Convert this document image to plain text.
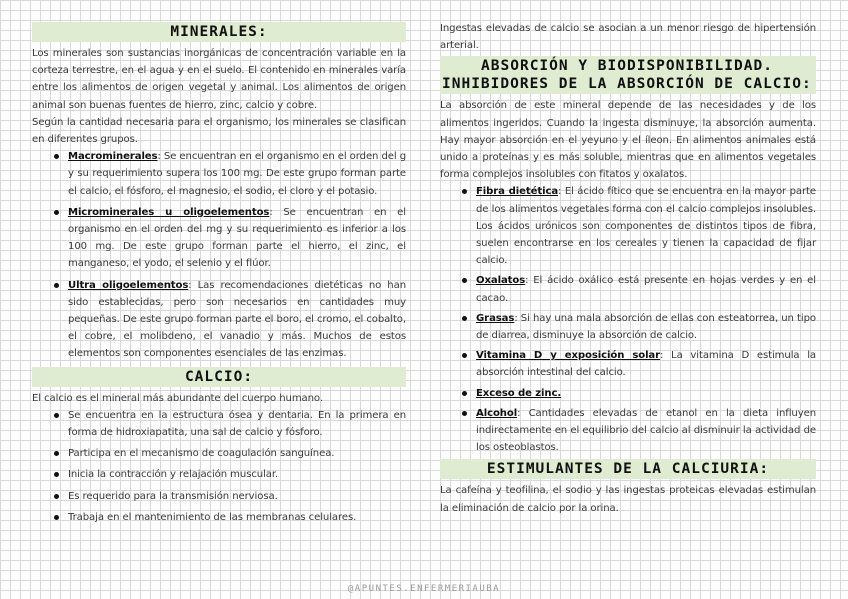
MINERALES:

Los minerales son sustancias inorgánicas de concentración variable en la corteza terrestre, en el agua y en el suelo. El contenido en minerales varía entre los alimentos de origen vegetal y animal. Los alimentos de origen animal son buenas fuentes de hierro, zinc, calcio y cobre.

Según la cantidad necesaria para el organismo, los minerales se clasifican en diferentes grupos.

Macrominerales: Se encuentran en el organismo en el orden del g y su requerimiento supera los 100 mg. De este grupo forman parte el calcio, el fósforo, el magnesio, el sodio, el cloro y el potasio.
Microminerales u oligoelementos: Se encuentran en el organismo en el orden del mg y su requerimiento es inferior a los 100 mg. De este grupo forman parte el hierro, el zinc, el manganeso, el yodo, el selenio y el flúor.
Ultra oligoelementos: Las recomendaciones dietéticas no han sido establecidas, pero son necesarios en cantidades muy pequeñas. De este grupo forman parte el boro, el cromo, el cobalto, el cobre, el molibdeno, el vanadio y más. Muchos de estos elementos son componentes esenciales de las enzimas.
CALCIO:

El calcio es el mineral más abundante del cuerpo humano.

Se encuentra en la estructura ósea y dentaria. En la primera en forma de hidroxiapatita, una sal de calcio y fósforo.
Participa en el mecanismo de coagulación sanguínea.
Inicia la contracción y relajación muscular.
Es requerido para la transmisión nerviosa.
Trabaja en el mantenimiento de las membranas celulares.

Ingestas elevadas de calcio se asocian a un menor riesgo de hipertensión arterial.

ABSORCIÓN Y BIODISPONIBILIDAD.
INHIBIDORES DE LA ABSORCIÓN DE CALCIO:

La absorción de este mineral depende de las necesidades y de los alimentos ingeridos. Cuando la ingesta disminuye, la absorción aumenta. Hay mayor absorción en el yeyuno y el íleon. En alimentos animales está unido a proteínas y es más soluble, mientras que en alimentos vegetales forma complejos insolubles con fitatos y oxalatos.

Fibra dietética: El ácido fítico que se encuentra en la mayor parte de los alimentos vegetales forma con el calcio complejos insolubles. Los ácidos urónicos son componentes de distintos tipos de fibra, suelen encontrarse en los cereales y tienen la capacidad de fijar calcio.
Oxalatos: El ácido oxálico está presente en hojas verdes y en el cacao.
Grasas: Si hay una mala absorción de ellas con esteatorrea, un tipo de diarrea, disminuye la absorción de calcio.
Vitamina D y exposición solar: La vitamina D estimula la absorción intestinal del calcio.
Exceso de zinc.
Alcohol: Cantidades elevadas de etanol en la dieta influyen indirectamente en el equilibrio del calcio al disminuir la actividad de los osteoblastos.
ESTIMULANTES DE LA CALCIURIA:

La cafeína y teofilina, el sodio y las ingestas proteicas elevadas estimulan la eliminación de calcio por la orina.

@APUNTES.ENFERMERIAUBA
